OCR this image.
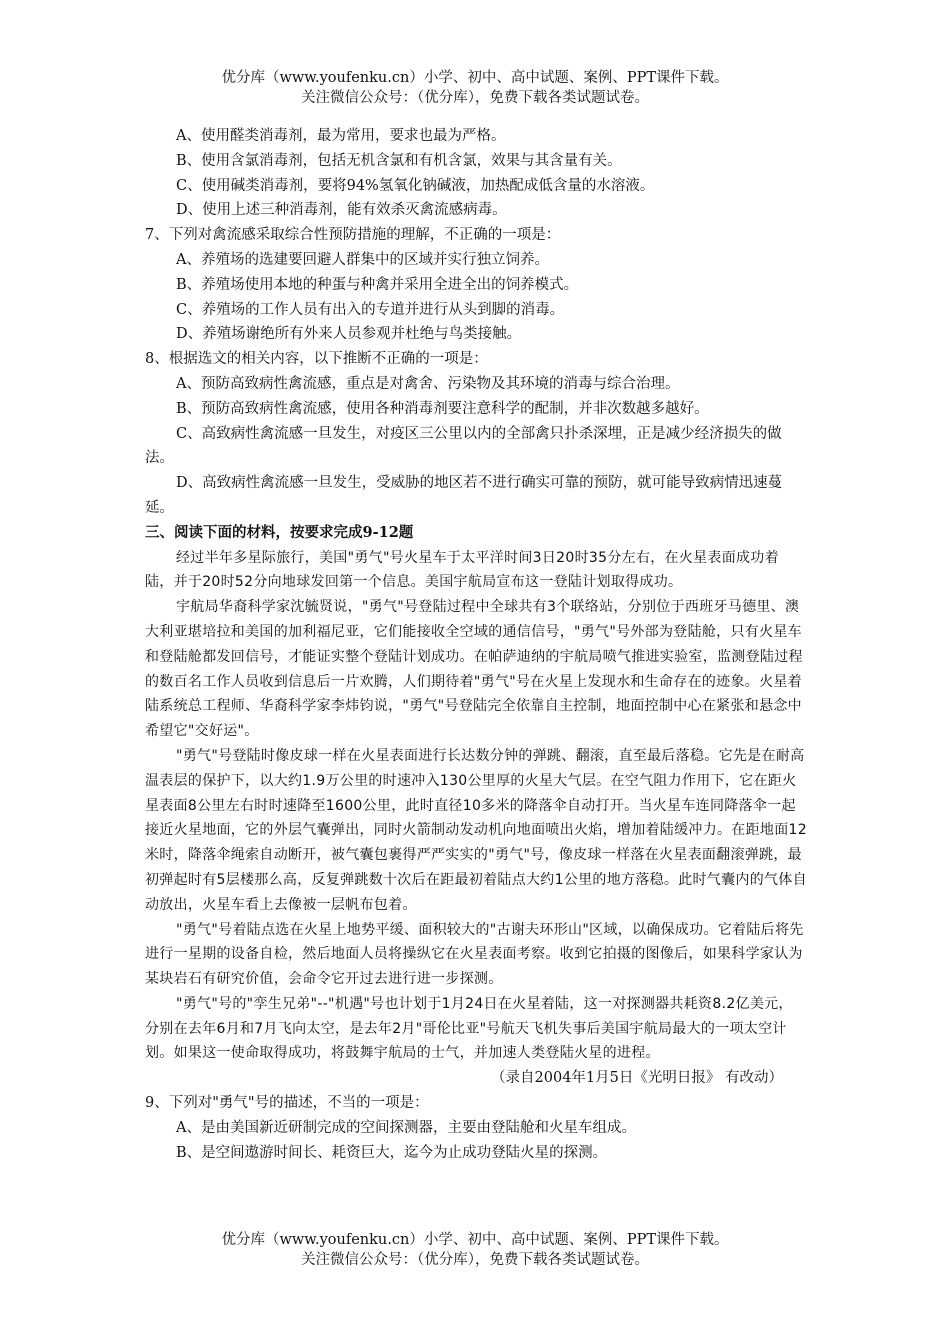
优分库（www.youfenku.cn）小学、初中、高中试题、案例、PPT课件下载。
关注微信公众号：（优分库），免费下载各类试题试卷。

A、使用醛类消毒剂，最为常用，要求也最为严格。

B、使用含氯消毒剂，包括无机含氯和有机含氯，效果与其含量有关。

C、使用碱类消毒剂，要将94%氢氧化钠碱液，加热配成低含量的水溶液。

D、使用上述三种消毒剂，能有效杀灭禽流感病毒。

7、下列对禽流感采取综合性预防措施的理解，不正确的一项是：

A、养殖场的选建要回避人群集中的区域并实行独立饲养。

B、养殖场使用本地的种蛋与种禽并采用全进全出的饲养模式。

C、养殖场的工作人员有出入的专道并进行从头到脚的消毒。

D、养殖场谢绝所有外来人员参观并杜绝与鸟类接触。

8、根据选文的相关内容，以下推断不正确的一项是：

A、预防高致病性禽流感，重点是对禽舍、污染物及其环境的消毒与综合治理。

B、预防高致病性禽流感，使用各种消毒剂要注意科学的配制，并非次数越多越好。

C、高致病性禽流感一旦发生，对疫区三公里以内的全部禽只扑杀深埋，正是减少经济损失的做法。

D、高致病性禽流感一旦发生，受威胁的地区若不进行确实可靠的预防，就可能导致病情迅速蔓延。

三、阅读下面的材料，按要求完成9-12题

经过半年多星际旅行，美国"勇气"号火星车于太平洋时间3日20时35分左右，在火星表面成功着陆，并于20时52分向地球发回第一个信息。美国宇航局宣布这一登陆计划取得成功。

宇航局华裔科学家沈毓贤说，"勇气"号登陆过程中全球共有3个联络站，分别位于西班牙马德里、澳大利亚堪培拉和美国的加利福尼亚，它们能接收全空域的通信信号，"勇气"号外部为登陆舱，只有火星车和登陆舱都发回信号，才能证实整个登陆计划成功。在帕萨迪纳的宇航局喷气推进实验室，监测登陆过程的数百名工作人员收到信息后一片欢腾，人们期待着"勇气"号在火星上发现水和生命存在的迹象。火星着陆系统总工程师、华裔科学家李炜钧说，"勇气"号登陆完全依靠自主控制，地面控制中心在紧张和悬念中希望它"交好运"。

"勇气"号登陆时像皮球一样在火星表面进行长达数分钟的弹跳、翻滚，直至最后落稳。它先是在耐高温表层的保护下，以大约1.9万公里的时速冲入130公里厚的火星大气层。在空气阻力作用下，它在距火星表面8公里左右时时速降至1600公里，此时直径10多米的降落伞自动打开。当火星车连同降落伞一起接近火星地面，它的外层气囊弹出，同时火箭制动发动机向地面喷出火焰，增加着陆缓冲力。在距地面12米时，降落伞绳索自动断开，被气囊包裹得严严实实的"勇气"号，像皮球一样落在火星表面翻滚弹跳，最初弹起时有5层楼那么高，反复弹跳数十次后在距最初着陆点大约1公里的地方落稳。此时气囊内的气体自动放出，火星车看上去像被一层帆布包着。

"勇气"号着陆点选在火星上地势平缓、面积较大的"古谢夫环形山"区域，以确保成功。它着陆后将先进行一星期的设备自检，然后地面人员将操纵它在火星表面考察。收到它拍摄的图像后，如果科学家认为某块岩石有研究价值，会命令它开过去进行进一步探测。

"勇气"号的"孪生兄弟"--"机遇"号也计划于1月24日在火星着陆，这一对探测器共耗资8.2亿美元，分别在去年6月和7月飞向太空，是去年2月"哥伦比亚"号航天飞机失事后美国宇航局最大的一项太空计划。如果这一使命取得成功，将鼓舞宇航局的士气，并加速人类登陆火星的进程。

（录自2004年1月5日《光明日报》 有改动）

9、下列对"勇气"号的描述，不当的一项是：

A、是由美国新近研制完成的空间探测器，主要由登陆舱和火星车组成。

B、是空间遨游时间长、耗资巨大，迄今为止成功登陆火星的探测。

优分库（www.youfenku.cn）小学、初中、高中试题、案例、PPT课件下载。
关注微信公众号：（优分库），免费下载各类试题试卷。
